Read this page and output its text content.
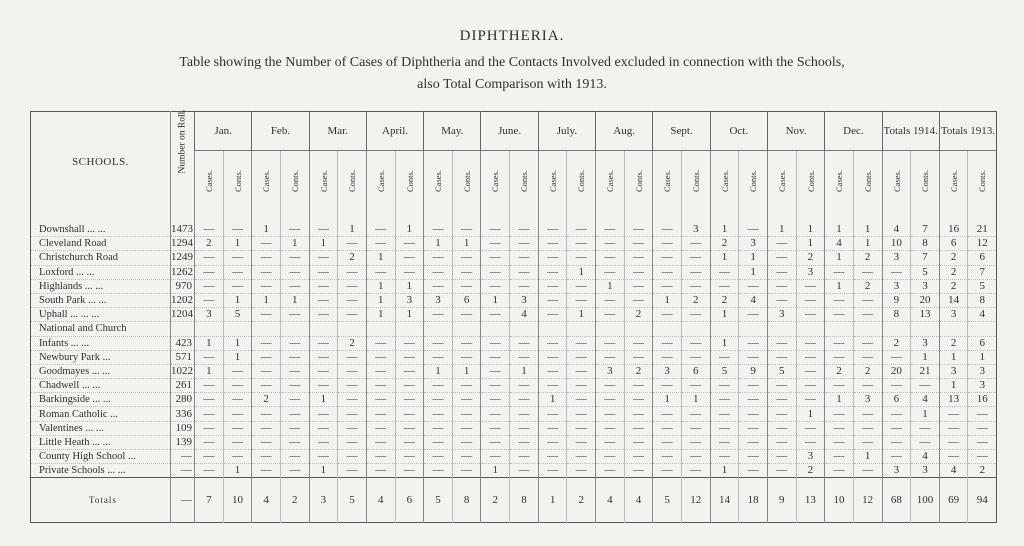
DIPHTHERIA.
Table showing the Number of Cases of Diphtheria and the Contacts Involved excluded in connection with the Schools,
also Total Comparison with 1913.
SCHOOLS.	Number on Roll.	Jan.		Feb.		Mar.		April.		May.		June.		July.		Aug.		Sept.		Oct.		Nov.		Dec.		Totals 1914.		Totals 1913.	

		Cases.	Conts.	Cases.	Conts.	Cases.	Conts.	Cases.	Conts.	Cases.	Conts.	Cases.	Conts.	Cases.	Conts.	Cases.	Conts.	Cases.	Conts.	Cases.	Conts.	Cases.	Conts.	Cases.	Conts.	Cases.	Conts.	Cases.	Conts.

Downshall ... ...	1473	—	—	1	—	—	1	—	1	—	—	—	—	—	—	—	—	—	3	1	—	1	1	1	1	4	7	16	21
Cleveland Road	1294	2	1	—	1	1	—	—	—	1	1	—	—	—	—	—	—	—	—	2	3	—	1	4	1	10	8	6	12
Christchurch Road	1249	—	—	—	—	—	2	1	—	—	—	—	—	—	—	—	—	—	—	1	1	—	2	1	2	3	7	2	6
Loxford ... ...	1262	—	—	—	—	—	—	—	—	—	—	—	—	—	1	—	—	—	—	—	1	—	3	—	—	—	5	2	7
Highlands ... ...	970	—	—	—	—	—	—	1	1	—	—	—	—	—	—	1	—	—	—	—	—	—	—	1	2	3	3	2	5
South Park ... ...	1202	—	1	1	1	—	—	1	3	3	6	1	3	—	—	—	—	1	2	2	4	—	—	—	—	9	20	14	8
Uphall ... ... ...	1204	3	5	—	—	—	—	1	1	—	—	—	4	—	1	—	2	—	—	1	—	3	—	—	—	8	13	3	4
National and Church																													
Infants ... ...	423	1	1	—	—	—	2	—	—	—	—	—	—	—	—	—	—	—	—	1	—	—	—	—	—	2	3	2	6
Newbury Park ...	571	—	1	—	—	—	—	—	—	—	—	—	—	—	—	—	—	—	—	—	—	—	—	—	—	—	1	1	1
Goodmayes ... ...	1022	1	—	—	—	—	—	—	—	1	1	—	1	—	—	3	2	3	6	5	9	5	—	2	2	20	21	3	3
Chadwell ... ...	261	—	—	—	—	—	—	—	—	—	—	—	—	—	—	—	—	—	—	—	—	—	—	—	—	—	—	1	3
Barkingside ... ...	280	—	—	2	—	1	—	—	—	—	—	—	—	1	—	—	—	1	1	—	—	—	—	1	3	6	4	13	16
Roman Catholic ...	336	—	—	—	—	—	—	—	—	—	—	—	—	—	—	—	—	—	—	—	—	—	1	—	—	—	1	—	—
Valentines ... ...	109	—	—	—	—	—	—	—	—	—	—	—	—	—	—	—	—	—	—	—	—	—	—	—	—	—	—	—	—
Little Heath ... ...	139	—	—	—	—	—	—	—	—	—	—	—	—	—	—	—	—	—	—	—	—	—	—	—	—	—	—	—	—
County High School ...	—	—	—	—	—	—	—	—	—	—	—	—	—	—	—	—	—	—	—	—	—	—	3	—	1	—	4	—	—
Private Schools ... ...	—	—	1	—	—	1	—	—	—	—	—	1	—	—	—	—	—	—	—	1	—	—	2	—	—	3	3	4	2
Totals	—	7	10	4	2	3	5	4	6	5	8	2	8	1	2	4	4	5	12	14	18	9	13	10	12	68	100	69	94
